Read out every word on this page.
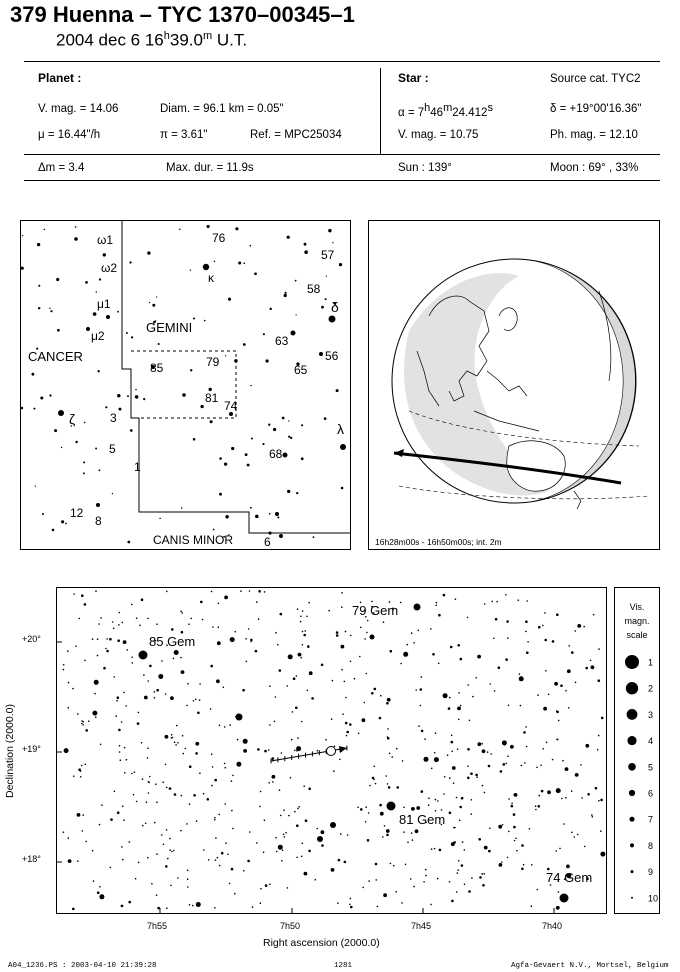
379 Huenna – TYC 1370–00345–1
2004 dec 6 16$^h$39.0$^m$ U.T.
Planet :
V. mag. = 14.06	Diam. = 96.1 km = 0.05"
μ = 16.44"/h	π = 3.61"	Ref. = MPC25034
Δm = 3.4	Max. dur. = 11.9s
Star :	Source cat. TYC2
α = 7h46m24.412s	δ = +19°00'16.36"
V. mag. = 10.75	Ph. mag. = 12.10
Sun : 139°	Moon : 69° , 33%
ω1
ω2
μ1
μ2
CANCER
GEMINI
CANIS MINOR
ζ
κ
δ
λ
76
57
58
63
56
65
85	79
81
74
68
3
5
1
12
8
6	16h28m00s - 16h50m00s; int. 2m
79 Gem
85 Gem
81 Gem
74 Gem
+20°
+19°
+18°
7h55	7h50	7h45	7h40
Right ascension (2000.0)
Declination (2000.0)
Vis.
magn.
scale
1
2
3
4
5
6
7
8
9
10
A04_1236.PS : 2003-04-10 21:39:28	1281	Agfa-Gevaert N.V., Mortsel, Belgium
